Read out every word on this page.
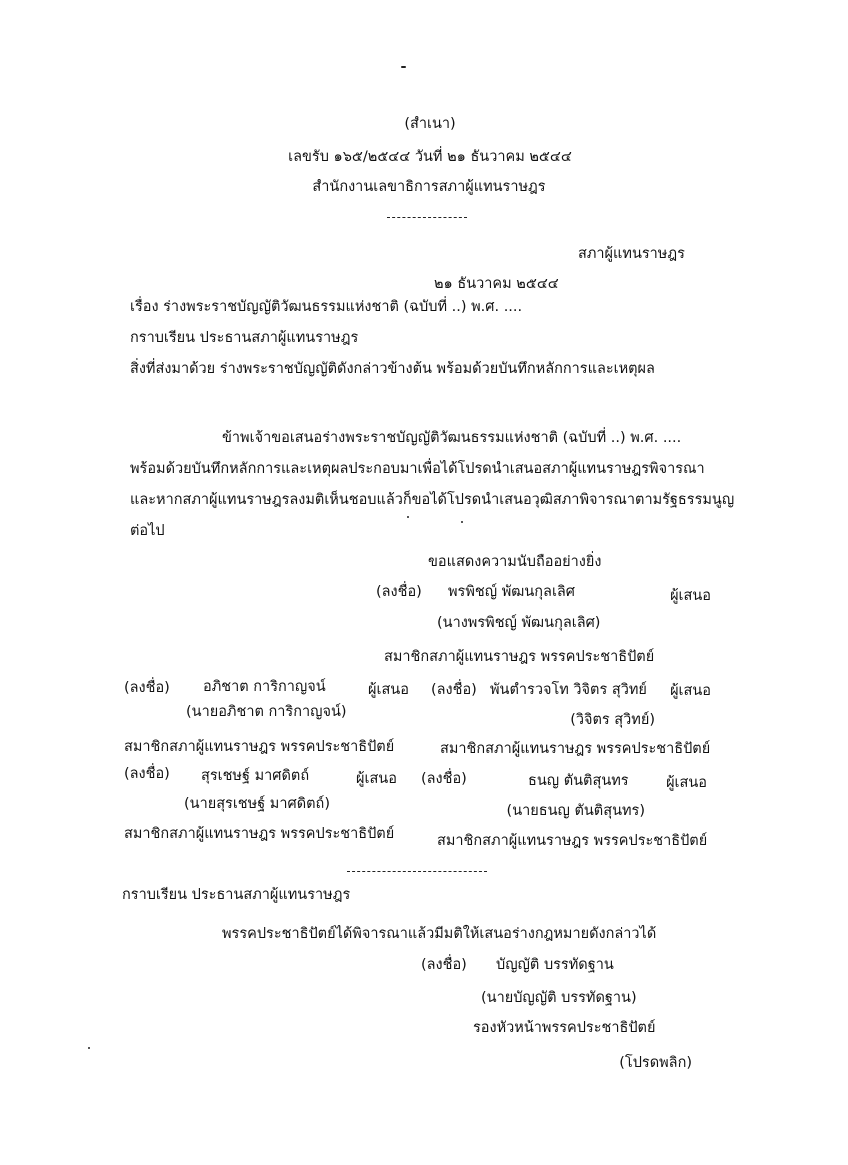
(สำเนา)
เลขรับ ๑๖๕/๒๕๔๔ วันที่ ๒๑ ธันวาคม ๒๕๔๔
สำนักงานเลขาธิการสภาผู้แทนราษฎร
สภาผู้แทนราษฎร
๒๑ ธันวาคม ๒๕๔๔
เรื่อง ร่างพระราชบัญญัติวัฒนธรรมแห่งชาติ (ฉบับที่ ..) พ.ศ. ....
กราบเรียน ประธานสภาผู้แทนราษฎร
สิ่งที่ส่งมาด้วย ร่างพระราชบัญญัติดังกล่าวข้างต้น พร้อมด้วยบันทึกหลักการและเหตุผล
ข้าพเจ้าขอเสนอร่างพระราชบัญญัติวัฒนธรรมแห่งชาติ (ฉบับที่ ..) พ.ศ. ....
พร้อมด้วยบันทึกหลักการและเหตุผลประกอบมาเพื่อได้โปรดนำเสนอสภาผู้แทนราษฎรพิจารณา
และหากสภาผู้แทนราษฎรลงมติเห็นชอบแล้วก็ขอได้โปรดนำเสนอวุฒิสภาพิจารณาตามรัฐธรรมนูญ
ต่อไป
ขอแสดงความนับถืออย่างยิ่ง
(ลงชื่อ) พรพิชญ์ พัฒนกุลเลิศ	ผู้เสนอ
(นางพรพิชญ์ พัฒนกุลเลิศ)
สมาชิกสภาผู้แทนราษฎร พรรคประชาธิปัตย์
(ลงชื่อ) อภิชาต การิกาญจน์	ผู้เสนอ (ลงชื่อ) พันตำรวจโท วิจิตร สุวิทย์ ผู้เสนอ
(นายอภิชาต การิกาญจน์)	(วิจิตร สุวิทย์)
สมาชิกสภาผู้แทนราษฎร พรรคประชาธิปัตย์	สมาชิกสภาผู้แทนราษฎร พรรคประชาธิปัตย์
(ลงชื่อ) สุรเชษฐ์ มาศดิตถ์	ผู้เสนอ (ลงชื่อ)	ธนญ ตันติสุนทร	ผู้เสนอ
(นายสุรเชษฐ์ มาศดิตถ์)	(นายธนญ ตันติสุนทร)
สมาชิกสภาผู้แทนราษฎร พรรคประชาธิปัตย์	สมาชิกสภาผู้แทนราษฎร พรรคประชาธิปัตย์
กราบเรียน ประธานสภาผู้แทนราษฎร
พรรคประชาธิปัตย์ได้พิจารณาแล้วมีมติให้เสนอร่างกฎหมายดังกล่าวได้
(ลงชื่อ) บัญญัติ บรรทัดฐาน
(นายบัญญัติ บรรทัดฐาน)
รองหัวหน้าพรรคประชาธิปัตย์
(โปรดพลิก)
